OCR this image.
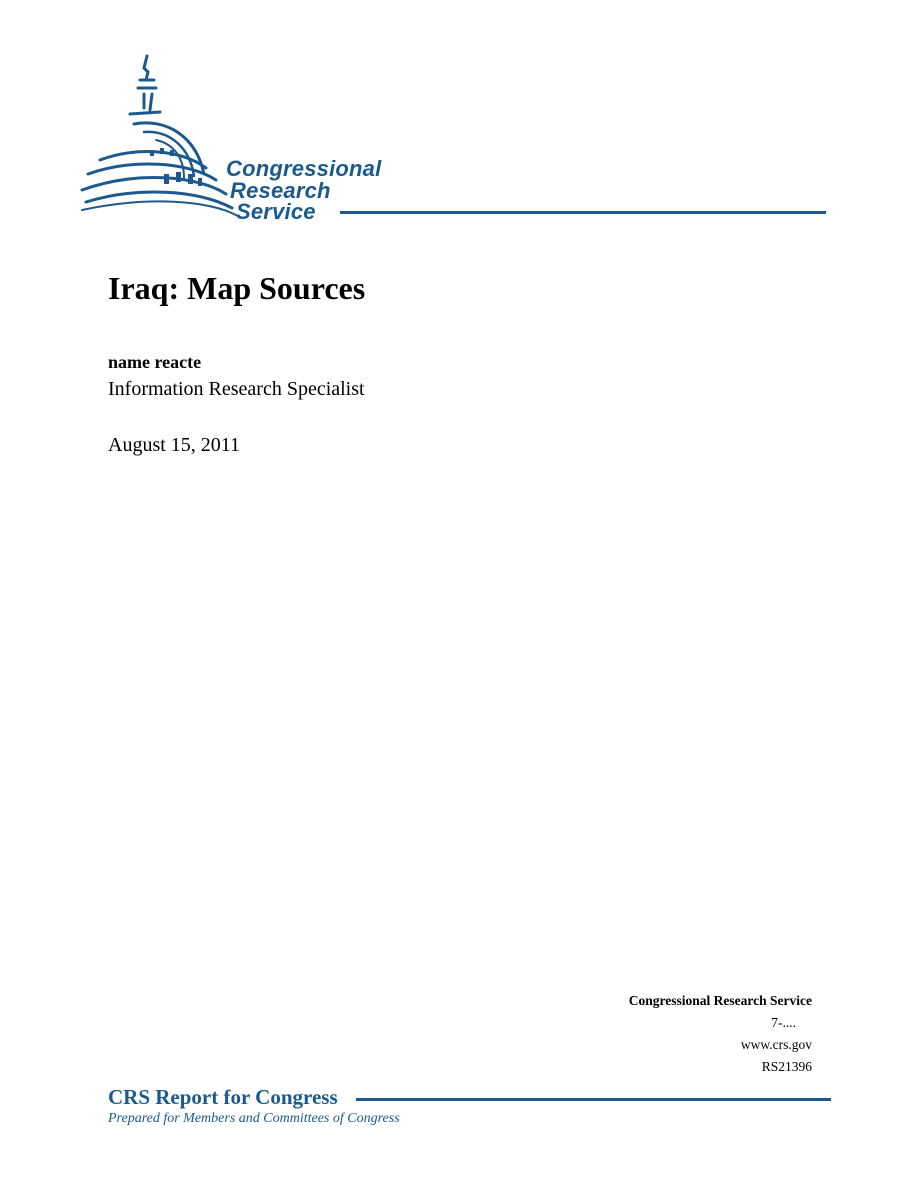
Congressional
Research
Service
Iraq: Map Sources
name reacte
Information Research Specialist
August 15, 2011
Congressional Research Service
7-....
www.crs.gov
RS21396
CRS Report for Congress
Prepared for Members and Committees of Congress
